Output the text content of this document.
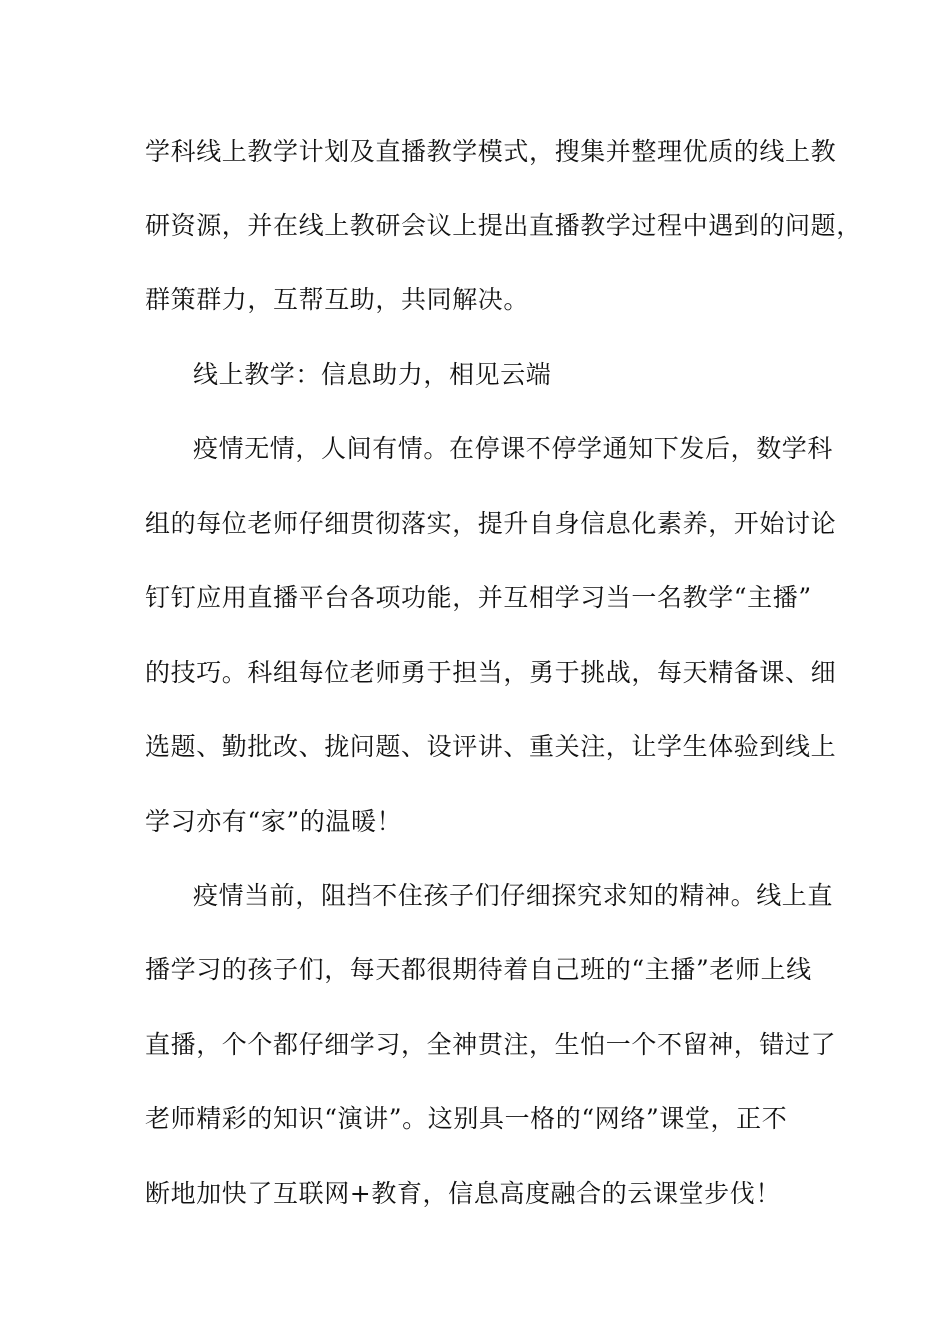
学科线上教学计划及直播教学模式，搜集并整理优质的线上教
研资源，并在线上教研会议上提出直播教学过程中遇到的问题，
群策群力，互帮互助，共同解决。
线上教学：信息助力，相见云端
疫情无情，人间有情。在停课不停学通知下发后，数学科
组的每位老师仔细贯彻落实，提升自身信息化素养，开始讨论
钉钉应用直播平台各项功能，并互相学习当一名教学“主播”
的技巧。科组每位老师勇于担当，勇于挑战，每天精备课、细
选题、勤批改、拢问题、设评讲、重关注，让学生体验到线上
学习亦有“家”的温暖！
疫情当前，阻挡不住孩子们仔细探究求知的精神。线上直
播学习的孩子们，每天都很期待着自己班的“主播”老师上线
直播，个个都仔细学习，全神贯注，生怕一个不留神，错过了
老师精彩的知识“演讲”。这别具一格的“网络”课堂，正不
断地加快了互联网+教育，信息高度融合的云课堂步伐！
